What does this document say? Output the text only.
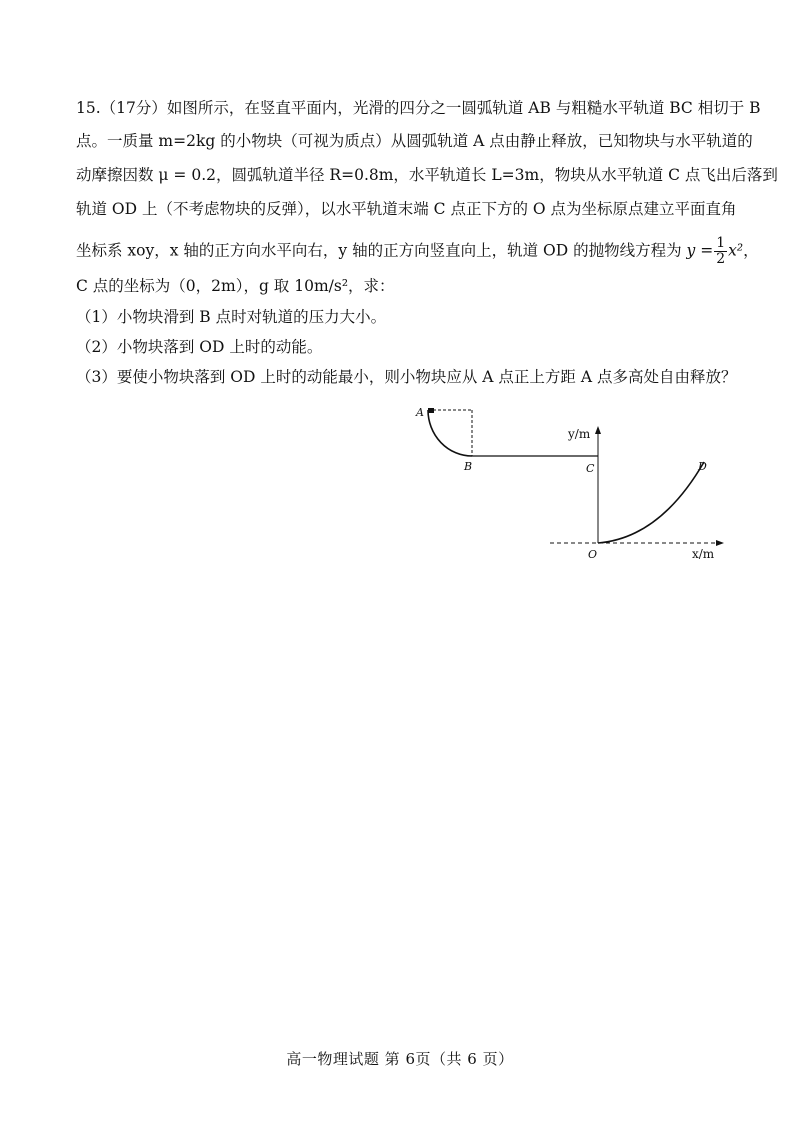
15.（17分）如图所示，在竖直平面内，光滑的四分之一圆弧轨道 AB 与粗糙水平轨道 BC 相切于 B
点。一质量 m=2kg 的小物块（可视为质点）从圆弧轨道 A 点由静止释放，已知物块与水平轨道的
动摩擦因数 μ = 0.2，圆弧轨道半径 R=0.8m，水平轨道长 L=3m，物块从水平轨道 C 点飞出后落到
轨道 OD 上（不考虑物块的反弹），以水平轨道末端 C 点正下方的 O 点为坐标原点建立平面直角
坐标系 xoy，x 轴的正方向水平向右，y 轴的正方向竖直向上，轨道 OD 的抛物线方程为 $y = \frac{1}{2} x^2$，
C 点的坐标为（0，2m），g 取 10m/s²，求：
（1）小物块滑到 B 点时对轨道的压力大小。
（2）小物块落到 OD 上时的动能。
（3）要使小物块落到 OD 上时的动能最小，则小物块应从 A 点正上方距 A 点多高处自由释放？
A
B	C	D
O
y/m
x/m
高一物理试题 第 6页（共 6 页）
